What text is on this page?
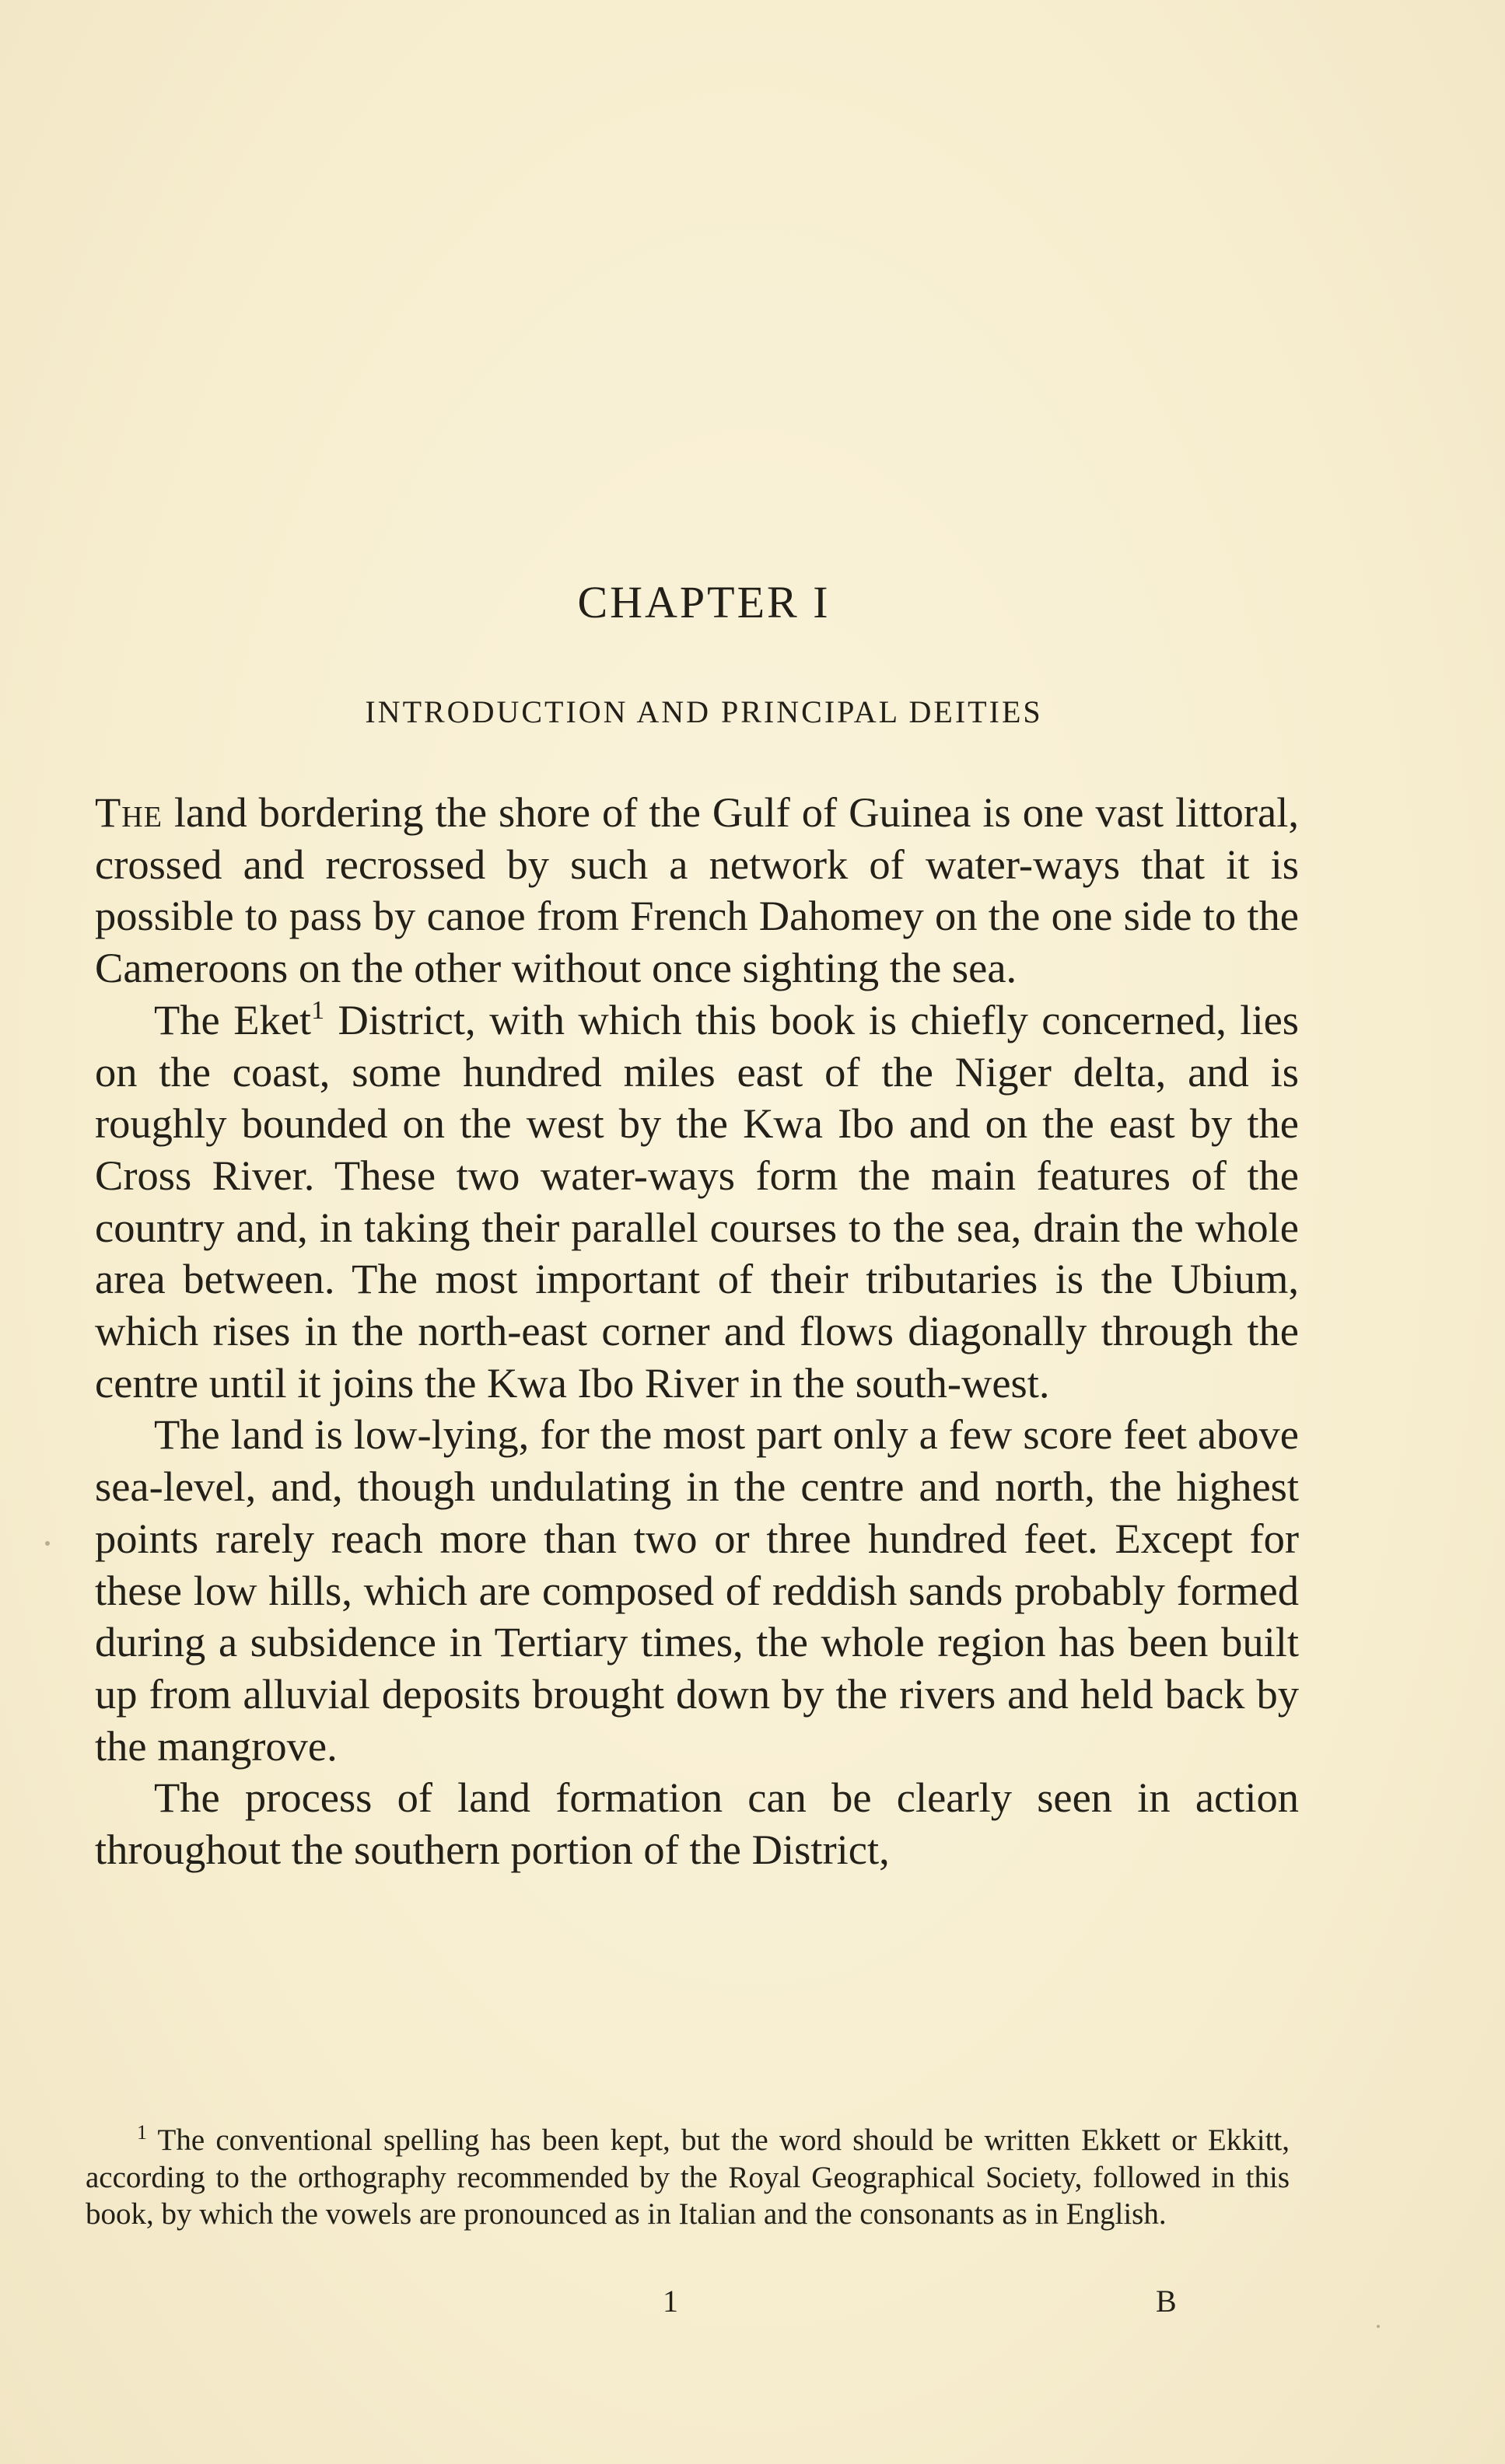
CHAPTER I
INTRODUCTION AND PRINCIPAL DEITIES

The land bordering the shore of the Gulf of Guinea is one vast littoral, crossed and recrossed by such a network of water-ways that it is possible to pass by canoe from French Dahomey on the one side to the Cameroons on the other without once sighting the sea.

The Eket$^1$ District, with which this book is chiefly concerned, lies on the coast, some hundred miles east of the Niger delta, and is roughly bounded on the west by the Kwa Ibo and on the east by the Cross River. These two water-ways form the main features of the country and, in taking their parallel courses to the sea, drain the whole area between. The most important of their tributaries is the Ubium, which rises in the north-east corner and flows diagonally through the centre until it joins the Kwa Ibo River in the south-west.

The land is low-lying, for the most part only a few score feet above sea-level, and, though undulating in the centre and north, the highest points rarely reach more than two or three hundred feet. Except for these low hills, which are composed of reddish sands probably formed during a subsidence in Tertiary times, the whole region has been built up from alluvial deposits brought down by the rivers and held back by the mangrove.

The process of land formation can be clearly seen in action throughout the southern portion of the District,

$^1$ The conventional spelling has been kept, but the word should be written Ekkett or Ekkitt, according to the orthography recommended by the Royal Geographical Society, followed in this book, by which the vowels are pronounced as in Italian and the consonants as in English.

1	B
